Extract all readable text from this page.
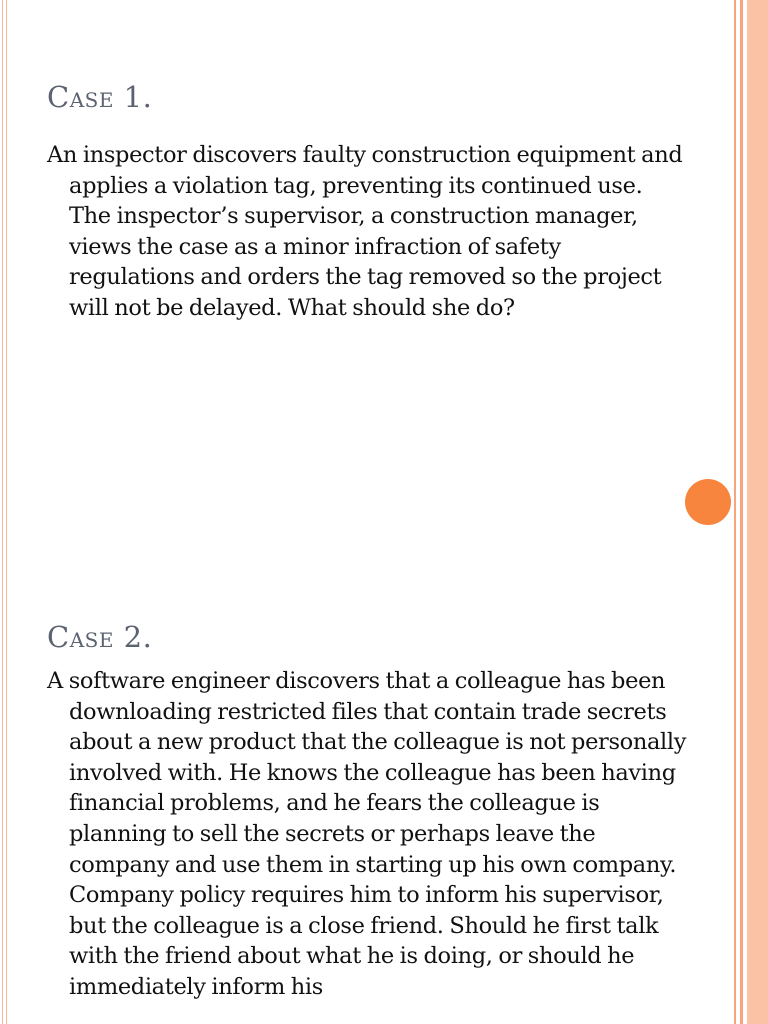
Case 1.

An inspector discovers faulty construction equipment and applies a violation tag, preventing its continued use. The inspector’s supervisor, a construction manager, views the case as a minor infraction of safety regulations and orders the tag removed so the project will not be delayed. What should she do?

Case 2.

A software engineer discovers that a colleague has been downloading restricted files that contain trade secrets about a new product that the colleague is not personally involved with. He knows the colleague has been having financial problems, and he fears the colleague is planning to sell the secrets or perhaps leave the company and use them in starting up his own company. Company policy requires him to inform his supervisor, but the colleague is a close friend. Should he first talk with the friend about what he is doing, or should he immediately inform his
